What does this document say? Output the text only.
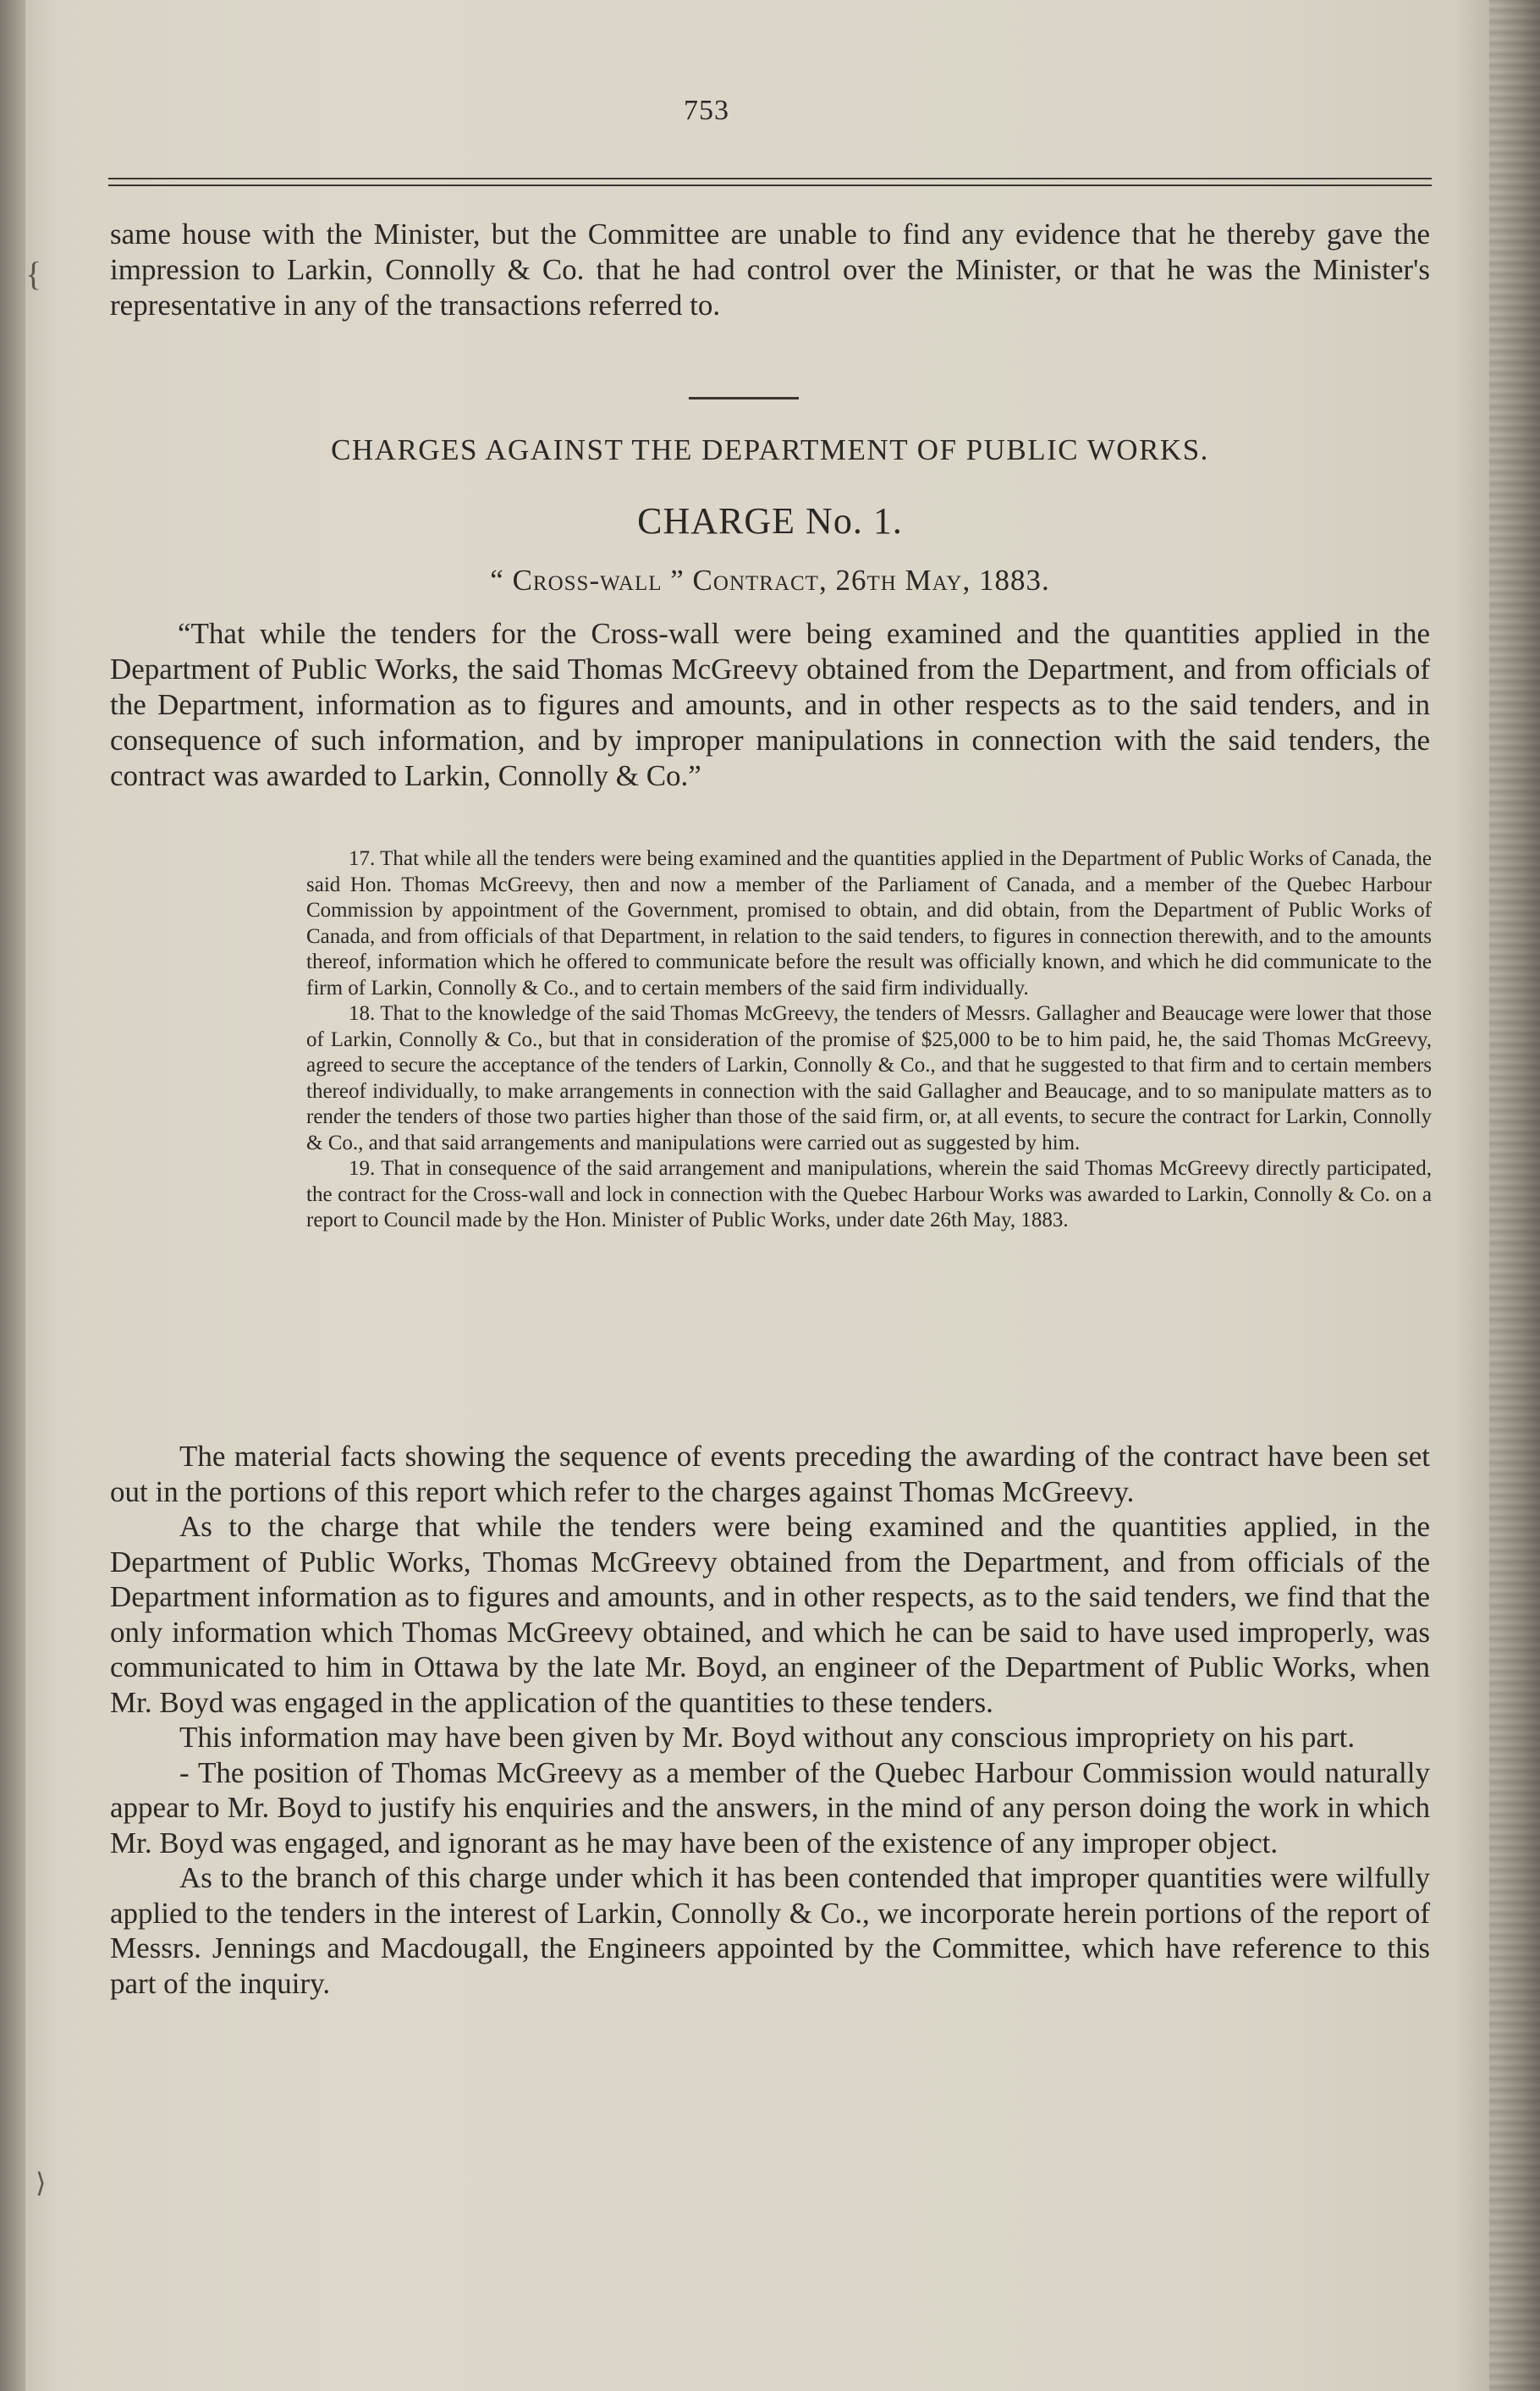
753

same house with the Minister, but the Committee are unable to find any evidence that he thereby gave the impression to Larkin, Connolly & Co. that he had control over the Minister, or that he was the Minister's representative in any of the transactions referred to.

CHARGES AGAINST THE DEPARTMENT OF PUBLIC WORKS.
CHARGE No. 1.
“ Cross-wall ” Contract, 26th May, 1883.

“That while the tenders for the Cross-wall were being examined and the quantities applied in the Department of Public Works, the said Thomas McGreevy obtained from the Department, and from officials of the Department, information as to figures and amounts, and in other respects as to the said tenders, and in consequence of such information, and by improper manipulations in connection with the said tenders, the contract was awarded to Larkin, Connolly & Co.”

17. That while all the tenders were being examined and the quantities applied in the Department of Public Works of Canada, the said Hon. Thomas McGreevy, then and now a member of the Parliament of Canada, and a member of the Quebec Harbour Commission by appointment of the Government, promised to obtain, and did obtain, from the Department of Public Works of Canada, and from officials of that Department, in relation to the said tenders, to figures in connection therewith, and to the amounts thereof, information which he offered to communicate before the result was officially known, and which he did communicate to the firm of Larkin, Connolly & Co., and to certain members of the said firm individually.

18. That to the knowledge of the said Thomas McGreevy, the tenders of Messrs. Gallagher and Beaucage were lower that those of Larkin, Connolly & Co., but that in consideration of the promise of $25,000 to be to him paid, he, the said Thomas McGreevy, agreed to secure the acceptance of the tenders of Larkin, Connolly & Co., and that he suggested to that firm and to certain members thereof individually, to make arrangements in connection with the said Gallagher and Beaucage, and to so manipulate matters as to render the tenders of those two parties higher than those of the said firm, or, at all events, to secure the contract for Larkin, Connolly & Co., and that said arrangements and manipulations were carried out as suggested by him.

19. That in consequence of the said arrangement and manipulations, wherein the said Thomas McGreevy directly participated, the contract for the Cross-wall and lock in connection with the Quebec Harbour Works was awarded to Larkin, Connolly & Co. on a report to Council made by the Hon. Minister of Public Works, under date 26th May, 1883.

The material facts showing the sequence of events preceding the awarding of the contract have been set out in the portions of this report which refer to the charges against Thomas McGreevy.

As to the charge that while the tenders were being examined and the quantities applied, in the Department of Public Works, Thomas McGreevy obtained from the Department, and from officials of the Department information as to figures and amounts, and in other respects, as to the said tenders, we find that the only information which Thomas McGreevy obtained, and which he can be said to have used improperly, was communicated to him in Ottawa by the late Mr. Boyd, an engineer of the Department of Public Works, when Mr. Boyd was engaged in the application of the quantities to these tenders.

This information may have been given by Mr. Boyd without any conscious impropriety on his part.

- The position of Thomas McGreevy as a member of the Quebec Harbour Commission would naturally appear to Mr. Boyd to justify his enquiries and the answers, in the mind of any person doing the work in which Mr. Boyd was engaged, and ignorant as he may have been of the existence of any improper object.

As to the branch of this charge under which it has been contended that improper quantities were wilfully applied to the tenders in the interest of Larkin, Connolly & Co., we incorporate herein portions of the report of Messrs. Jennings and Macdougall, the Engineers appointed by the Committee, which have reference to this part of the inquiry.

{
⟩
